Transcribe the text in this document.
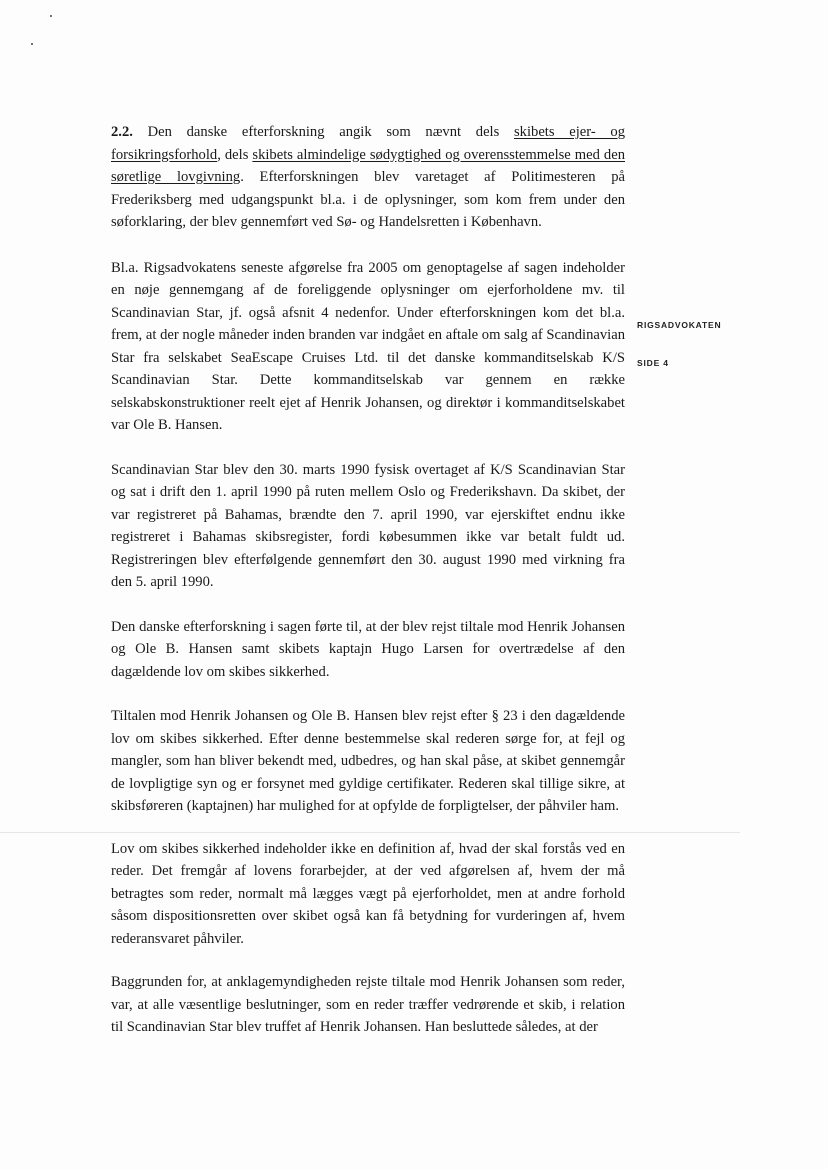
RIGSADVOKATEN
SIDE 4

2.2. Den danske efterforskning angik som nævnt dels skibets ejer- og forsikringsforhold, dels skibets almindelige sødygtighed og overensstemmelse med den søretlige lovgivning. Efterforskningen blev varetaget af Politimesteren på Frederiksberg med udgangspunkt bl.a. i de oplysninger, som kom frem under den søforklaring, der blev gennemført ved Sø- og Handelsretten i København.

Bl.a. Rigsadvokatens seneste afgørelse fra 2005 om genoptagelse af sagen indeholder en nøje gennemgang af de foreliggende oplysninger om ejerforholdene mv. til Scandinavian Star, jf. også afsnit 4 nedenfor. Under efterforskningen kom det bl.a. frem, at der nogle måneder inden branden var indgået en aftale om salg af Scandinavian Star fra selskabet SeaEscape Cruises Ltd. til det danske kommanditselskab K/S Scandinavian Star. Dette kommanditselskab var gennem en række selskabskonstruktioner reelt ejet af Henrik Johansen, og direktør i kommanditselskabet var Ole B. Hansen.

Scandinavian Star blev den 30. marts 1990 fysisk overtaget af K/S Scandinavian Star og sat i drift den 1. april 1990 på ruten mellem Oslo og Frederikshavn. Da skibet, der var registreret på Bahamas, brændte den 7. april 1990, var ejerskiftet endnu ikke registreret i Bahamas skibsregister, fordi købesummen ikke var betalt fuldt ud. Registreringen blev efterfølgende gennemført den 30. august 1990 med virkning fra den 5. april 1990.

Den danske efterforskning i sagen førte til, at der blev rejst tiltale mod Henrik Johansen og Ole B. Hansen samt skibets kaptajn Hugo Larsen for overtrædelse af den dagældende lov om skibes sikkerhed.

Tiltalen mod Henrik Johansen og Ole B. Hansen blev rejst efter § 23 i den dagældende lov om skibes sikkerhed. Efter denne bestemmelse skal rederen sørge for, at fejl og mangler, som han bliver bekendt med, udbedres, og han skal påse, at skibet gennemgår de lovpligtige syn og er forsynet med gyldige certifikater. Rederen skal tillige sikre, at skibsføreren (kaptajnen) har mulighed for at opfylde de forpligtelser, der påhviler ham.

Lov om skibes sikkerhed indeholder ikke en definition af, hvad der skal forstås ved en reder. Det fremgår af lovens forarbejder, at der ved afgørelsen af, hvem der må betragtes som reder, normalt må lægges vægt på ejerforholdet, men at andre forhold såsom dispositionsretten over skibet også kan få betydning for vurderingen af, hvem rederansvaret påhviler.

Baggrunden for, at anklagemyndigheden rejste tiltale mod Henrik Johansen som reder, var, at alle væsentlige beslutninger, som en reder træffer vedrørende et skib, i relation til Scandinavian Star blev truffet af Henrik Johansen. Han besluttede således, at der
